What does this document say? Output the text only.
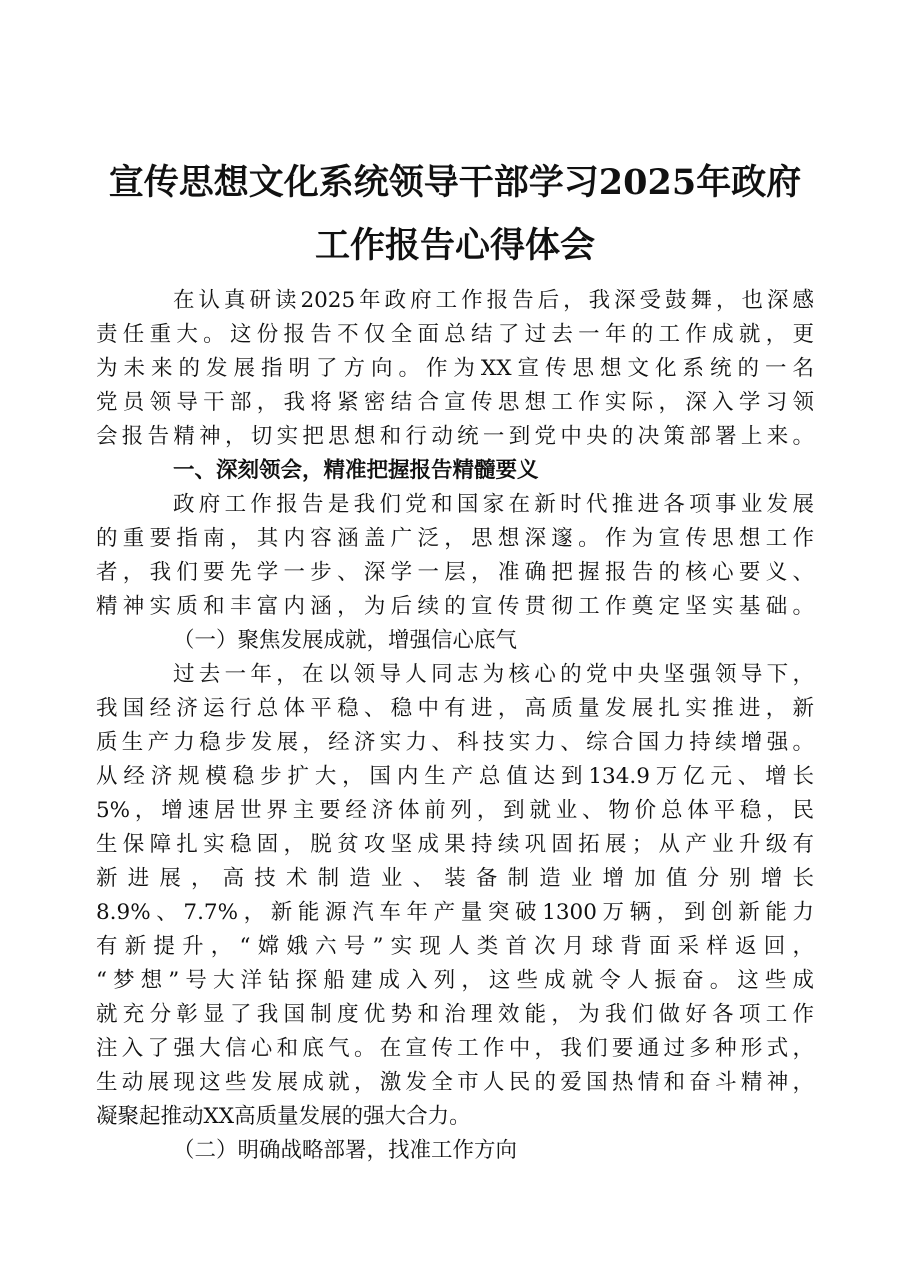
宣传思想文化系统领导干部学习2025年政府
工作报告心得体会
在认真研读2025年政府工作报告后，我深受鼓舞，也深感
责任重大。这份报告不仅全面总结了过去一年的工作成就，更
为未来的发展指明了方向。作为XX宣传思想文化系统的一名
党员领导干部，我将紧密结合宣传思想工作实际，深入学习领
会报告精神，切实把思想和行动统一到党中央的决策部署上来。
一、深刻领会，精准把握报告精髓要义
政府工作报告是我们党和国家在新时代推进各项事业发展
的重要指南，其内容涵盖广泛，思想深邃。作为宣传思想工作
者，我们要先学一步、深学一层，准确把握报告的核心要义、
精神实质和丰富内涵，为后续的宣传贯彻工作奠定坚实基础。
（一）聚焦发展成就，增强信心底气
过去一年，在以领导人同志为核心的党中央坚强领导下，
我国经济运行总体平稳、稳中有进，高质量发展扎实推进，新
质生产力稳步发展，经济实力、科技实力、综合国力持续增强。
从经济规模稳步扩大，国内生产总值达到134.9万亿元、增长
5%，增速居世界主要经济体前列，到就业、物价总体平稳，民
生保障扎实稳固，脱贫攻坚成果持续巩固拓展；从产业升级有
新进展，高技术制造业、装备制造业增加值分别增长
8.9%、7.7%，新能源汽车年产量突破1300万辆，到创新能力
有新提升，“嫦娥六号”实现人类首次月球背面采样返回，
“梦想”号大洋钻探船建成入列，这些成就令人振奋。这些成
就充分彰显了我国制度优势和治理效能，为我们做好各项工作
注入了强大信心和底气。在宣传工作中，我们要通过多种形式，
生动展现这些发展成就，激发全市人民的爱国热情和奋斗精神，
凝聚起推动XX高质量发展的强大合力。
（二）明确战略部署，找准工作方向
